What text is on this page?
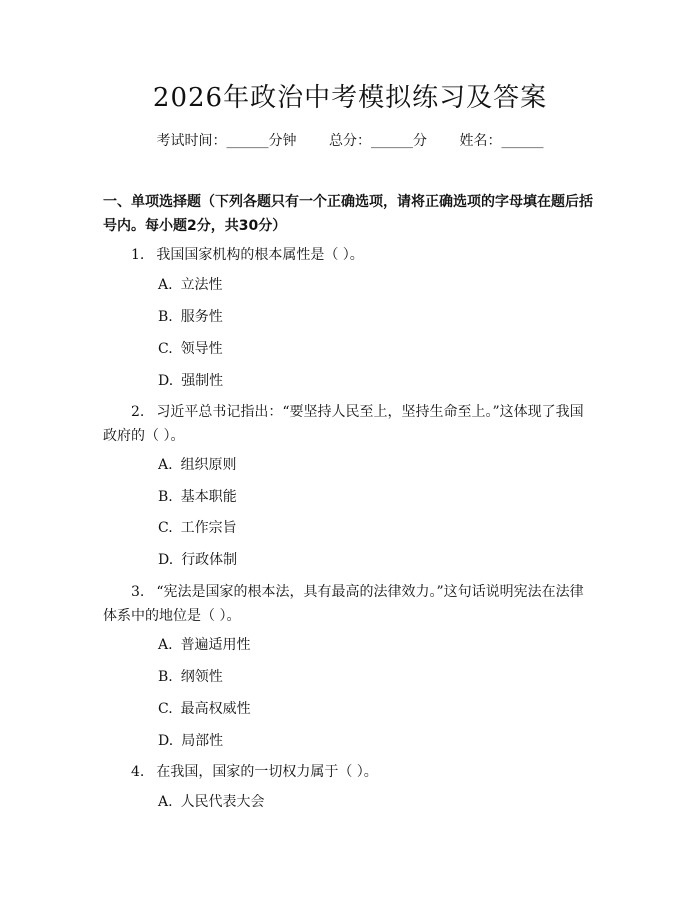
2026年政治中考模拟练习及答案
考试时间：______分钟 总分：______分 姓名：______
一、单项选择题（下列各题只有一个正确选项，请将正确选项的字母填在题后括号内。每小题2分，共30分）
1. 我国国家机构的根本属性是（ ）。
A. 立法性
B. 服务性
C. 领导性
D. 强制性
2. 习近平总书记指出：“要坚持人民至上，坚持生命至上。”这体现了我国政府的（ ）。
A. 组织原则
B. 基本职能
C. 工作宗旨
D. 行政体制
3. “宪法是国家的根本法，具有最高的法律效力。”这句话说明宪法在法律体系中的地位是（ ）。
A. 普遍适用性
B. 纲领性
C. 最高权威性
D. 局部性
4. 在我国，国家的一切权力属于（ ）。
A. 人民代表大会
